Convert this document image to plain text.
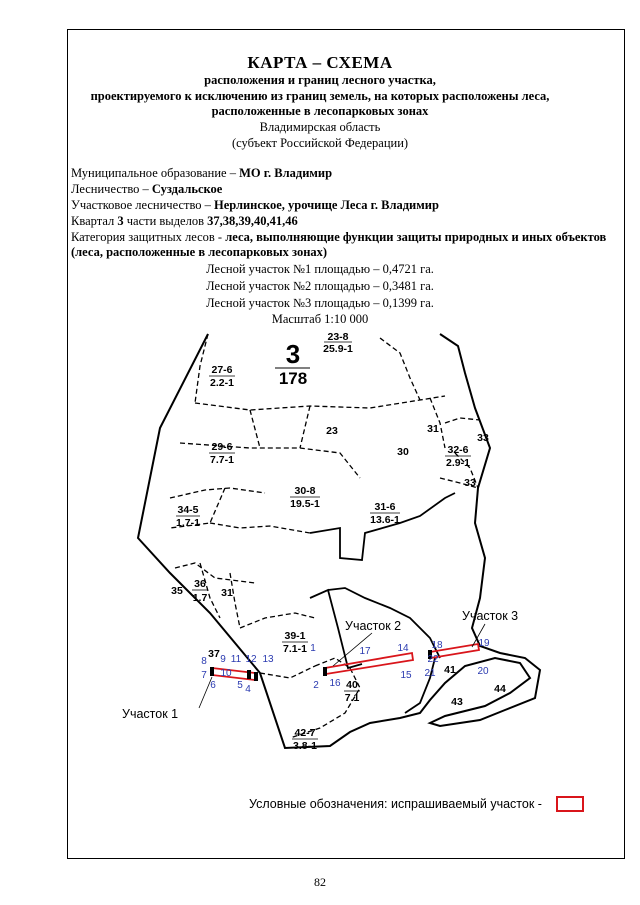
КАРТА – СХЕМА
расположения и границ лесного участка,
проектируемого к исключению из границ земель, на которых расположены леса,
расположенные в лесопарковых зонах
Владимирская область
(субъект Российской Федерации)
Муниципальное образование – МО г. Владимир
Лесничество – Суздальское
Участковое лесничество – Нерлинское, урочище Леса г. Владимир
Квартал 3 части выделов 37,38,39,40,41,46
Категория защитных лесов - леса, выполняющие функции защиты природных и иных объектов (леса, расположенные в лесопарковых зонах)
Лесной участок №1 площадью – 0,4721 га.
Лесной участок №2 площадью – 0,3481 га.
Лесной участок №3 площадью – 0,1399 га.
Масштаб 1:10 000
3
178
23-8
25.9-1
27-6
2.2-1
29-6
7.7-1
30-8
19.5-1	31-6
13.6-1
32-6
2.9-1
34-5
1.7-1
36
1.7
39-1
7.1-1
40
7.1
42-7
3.8-1
23
30
31
33
33
35	31
37
41
44
43
1
2
4
5
6
7
8 9
10
11 12 13
14
15
16
17
18	19
20
21
22
Участок 1
Участок 2
Участок 3
Условные обозначения: испрашиваемый участок -
82
